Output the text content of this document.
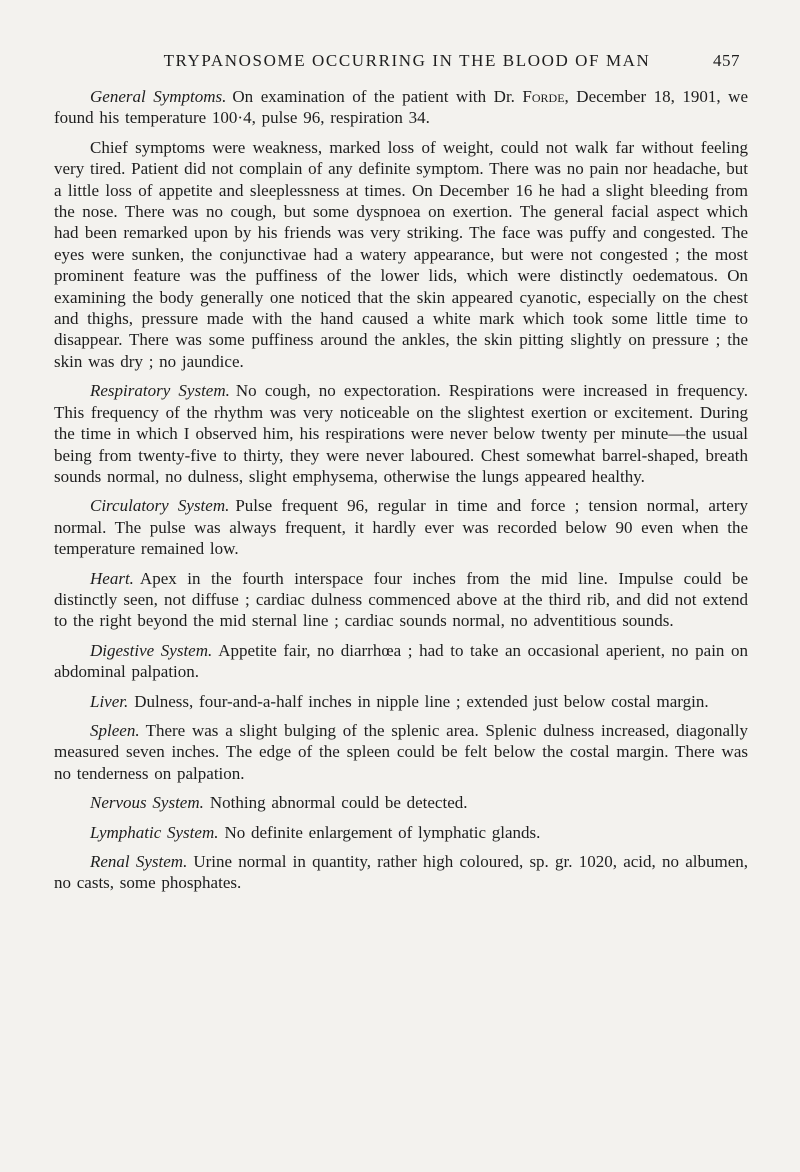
TRYPANOSOME OCCURRING IN THE BLOOD OF MAN	457

General Symptoms. On examination of the patient with Dr. Forde, December 18, 1901, we found his temperature 100·4, pulse 96, respiration 34.

Chief symptoms were weakness, marked loss of weight, could not walk far without feeling very tired. Patient did not complain of any definite symptom. There was no pain nor headache, but a little loss of appetite and sleeplessness at times. On December 16 he had a slight bleeding from the nose. There was no cough, but some dyspnoea on exertion. The general facial aspect which had been remarked upon by his friends was very striking. The face was puffy and congested. The eyes were sunken, the conjunctivae had a watery appearance, but were not congested ; the most prominent feature was the puffiness of the lower lids, which were distinctly oedematous. On examining the body generally one noticed that the skin appeared cyanotic, especially on the chest and thighs, pressure made with the hand caused a white mark which took some little time to disappear. There was some puffiness around the ankles, the skin pitting slightly on pressure ; the skin was dry ; no jaundice.

Respiratory System. No cough, no expectoration. Respirations were increased in frequency. This frequency of the rhythm was very noticeable on the slightest exertion or excitement. During the time in which I observed him, his respirations were never below twenty per minute—the usual being from twenty-five to thirty, they were never laboured. Chest somewhat barrel-shaped, breath sounds normal, no dulness, slight emphysema, otherwise the lungs appeared healthy.

Circulatory System. Pulse frequent 96, regular in time and force ; tension normal, artery normal. The pulse was always frequent, it hardly ever was recorded below 90 even when the temperature remained low.

Heart. Apex in the fourth interspace four inches from the mid line. Impulse could be distinctly seen, not diffuse ; cardiac dulness commenced above at the third rib, and did not extend to the right beyond the mid sternal line ; cardiac sounds normal, no adventitious sounds.

Digestive System. Appetite fair, no diarrhœa ; had to take an occasional aperient, no pain on abdominal palpation.

Liver. Dulness, four-and-a-half inches in nipple line ; extended just below costal margin.

Spleen. There was a slight bulging of the splenic area. Splenic dulness increased, diagonally measured seven inches. The edge of the spleen could be felt below the costal margin. There was no tenderness on palpation.

Nervous System. Nothing abnormal could be detected.

Lymphatic System. No definite enlargement of lymphatic glands.

Renal System. Urine normal in quantity, rather high coloured, sp. gr. 1020, acid, no albumen, no casts, some phosphates.
